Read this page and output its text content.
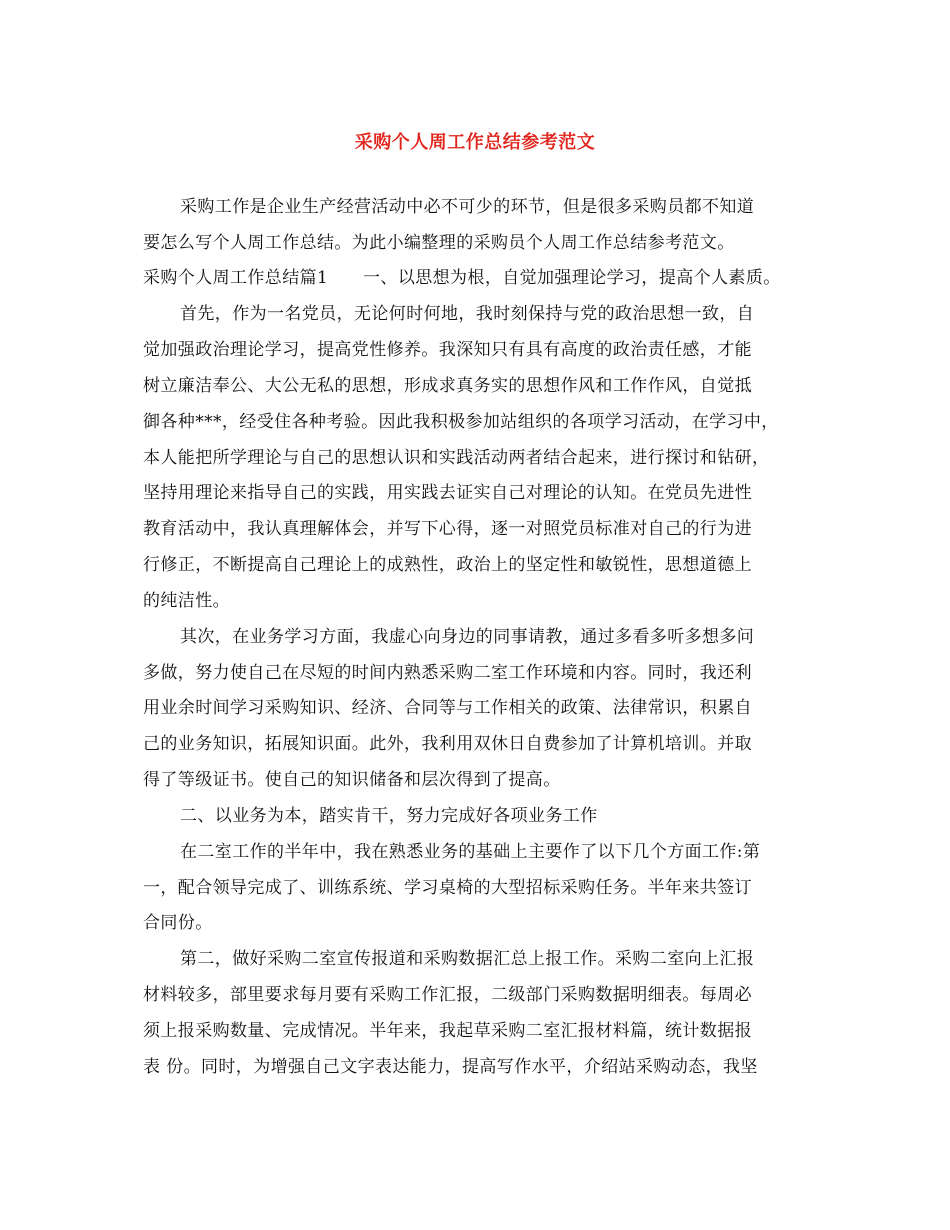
采购个人周工作总结参考范文
采购工作是企业生产经营活动中必不可少的环节，但是很多采购员都不知道
要怎么写个人周工作总结。为此小编整理的采购员个人周工作总结参考范文。
采购个人周工作总结篇1　　一、以思想为根，自觉加强理论学习，提高个人素质。
首先，作为一名党员，无论何时何地，我时刻保持与党的政治思想一致，自
觉加强政治理论学习，提高党性修养。我深知只有具有高度的政治责任感，才能
树立廉洁奉公、大公无私的思想，形成求真务实的思想作风和工作作风，自觉抵
御各种***，经受住各种考验。因此我积极参加站组织的各项学习活动，在学习中，
本人能把所学理论与自己的思想认识和实践活动两者结合起来，进行探讨和钻研，
坚持用理论来指导自己的实践，用实践去证实自己对理论的认知。在党员先进性
教育活动中，我认真理解体会，并写下心得，逐一对照党员标准对自己的行为进
行修正，不断提高自己理论上的成熟性，政治上的坚定性和敏锐性，思想道德上
的纯洁性。
其次，在业务学习方面，我虚心向身边的同事请教，通过多看多听多想多问
多做，努力使自己在尽短的时间内熟悉采购二室工作环境和内容。同时，我还利
用业余时间学习采购知识、经济、合同等与工作相关的政策、法律常识，积累自
己的业务知识，拓展知识面。此外，我利用双休日自费参加了计算机培训。并取
得了等级证书。使自己的知识储备和层次得到了提高。
二、以业务为本，踏实肯干，努力完成好各项业务工作
在二室工作的半年中，我在熟悉业务的基础上主要作了以下几个方面工作:第
一，配合领导完成了、训练系统、学习桌椅的大型招标采购任务。半年来共签订
合同份。
第二，做好采购二室宣传报道和采购数据汇总上报工作。采购二室向上汇报
材料较多，部里要求每月要有采购工作汇报，二级部门采购数据明细表。每周必
须上报采购数量、完成情况。半年来，我起草采购二室汇报材料篇，统计数据报
表 份。同时，为增强自己文字表达能力，提高写作水平，介绍站采购动态，我坚
